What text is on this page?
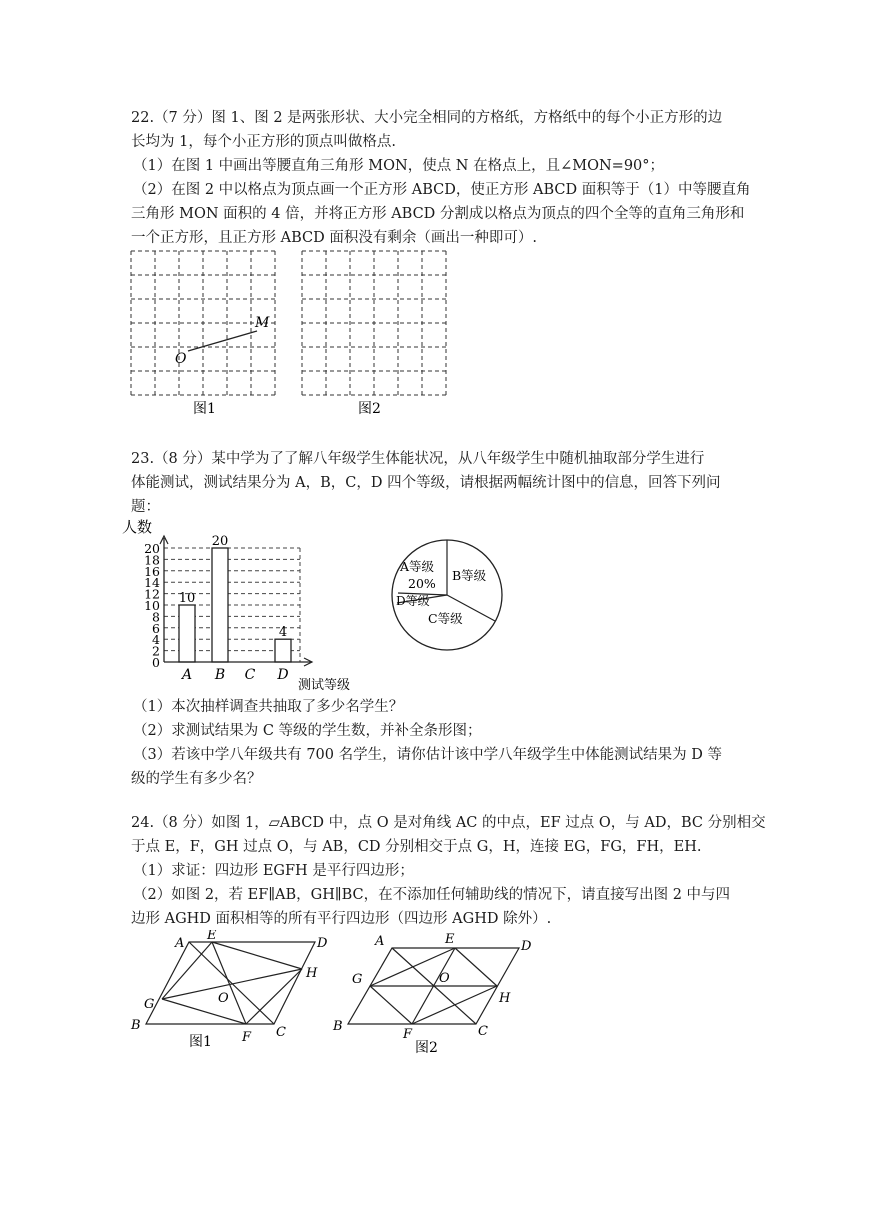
22.（7 分）图 1、图 2 是两张形状、大小完全相同的方格纸，方格纸中的每个小正方形的边
长均为 1，每个小正方形的顶点叫做格点.
（1）在图 1 中画出等腰直角三角形 MON，使点 N 在格点上，且∠MON=90°；
（2）在图 2 中以格点为顶点画一个正方形 ABCD，使正方形 ABCD 面积等于（1）中等腰直角
三角形 MON 面积的 4 倍，并将正方形 ABCD 分割成以格点为顶点的四个全等的直角三角形和
一个正方形，且正方形 ABCD 面积没有剩余（画出一种即可）.
O
M
图1	图2
23.（8 分）某中学为了了解八年级学生体能状况，从八年级学生中随机抽取部分学生进行
体能测试，测试结果分为 A，B，C，D 四个等级，请根据两幅统计图中的信息，回答下列问
题：
人数
0
2
4
6
8
10
12
14
16
18
20
10
20
4
A B C D
测试等级
A等级
20%
B等级
D等级
C等级
（1）本次抽样调查共抽取了多少名学生？
（2）求测试结果为 C 等级的学生数，并补全条形图；
（3）若该中学八年级共有 700 名学生，请你估计该中学八年级学生中体能测试结果为 D 等
级的学生有多少名？
24.（8 分）如图 1，▱ABCD 中，点 O 是对角线 AC 的中点，EF 过点 O，与 AD，BC 分别相交
于点 E，F，GH 过点 O，与 AB，CD 分别相交于点 G，H，连接 EG，FG，FH，EH.
（1）求证：四边形 EGFH 是平行四边形；
（2）如图 2，若 EF∥AB，GH∥BC，在不添加任何辅助线的情况下，请直接写出图 2 中与四
边形 AGHD 面积相等的所有平行四边形（四边形 AGHD 除外）.
A
E
D
H
G	O
B
F C
图1
A	E	D
G	O
H
B
F	C
图2
